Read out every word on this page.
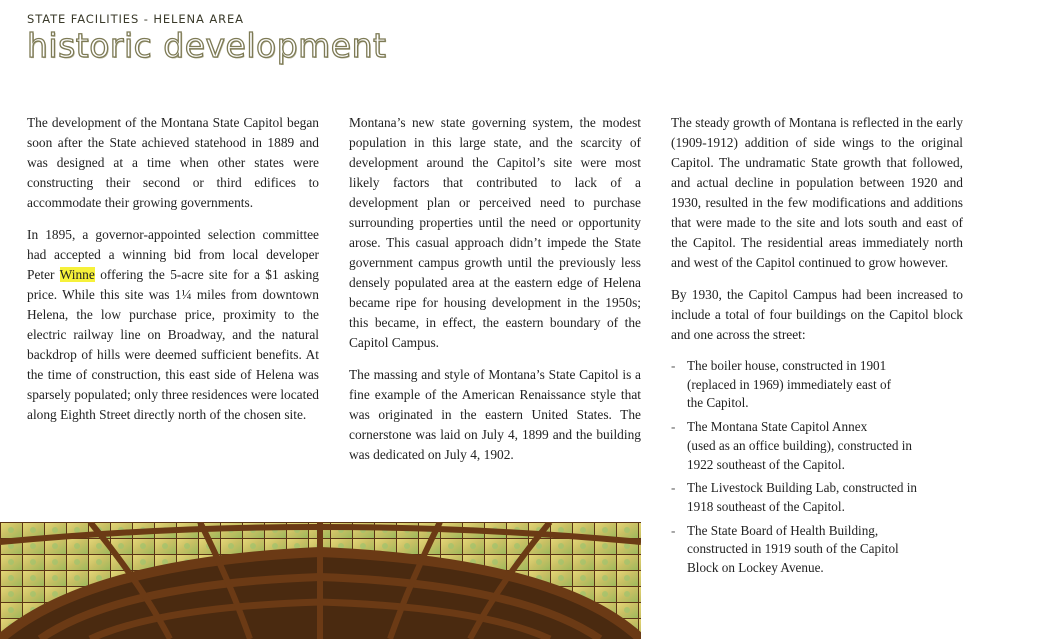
STATE FACILITIES - HELENA AREA
historic development

The development of the Montana State Capitol began soon after the State achieved statehood in 1889 and was designed at a time when other states were constructing their second or third edifices to accommodate their growing governments.

In 1895, a governor-appointed selection committee had accepted a winning bid from local developer Peter Winne offering the 5-acre site for a $1 asking price. While this site was 1¼ miles from downtown Helena, the low purchase price, proximity to the electric railway line on Broadway, and the natural backdrop of hills were deemed sufficient benefits. At the time of construction, this east side of Helena was sparsely populated; only three residences were located along Eighth Street directly north of the chosen site.

Montana’s new state governing system, the modest population in this large state, and the scarcity of development around the Capitol’s site were most likely factors that contributed to lack of a development plan or perceived need to purchase surrounding properties until the need or opportunity arose. This casual approach didn’t impede the State government campus growth until the previously less densely populated area at the eastern edge of Helena became ripe for housing development in the 1950s; this became, in effect, the eastern boundary of the Capitol Campus.

The massing and style of Montana’s State Capitol is a fine example of the American Renaissance style that was originated in the eastern United States. The cornerstone was laid on July 4, 1899 and the building was dedicated on July 4, 1902.

The steady growth of Montana is reflected in the early (1909-1912) addition of side wings to the original Capitol. The undramatic State growth that followed, and actual decline in population between 1920 and 1930, resulted in the few modifications and additions that were made to the site and lots south and east of the Capitol. The residential areas immediately north and west of the Capitol continued to grow however.

By 1930, the Capitol Campus had been increased to include a total of four buildings on the Capitol block and one across the street:

- The boiler house, constructed in 1901
(replaced in 1969) immediately east of
the Capitol.
- The Montana State Capitol Annex
(used as an office building), constructed in
1922 southeast of the Capitol.
- The Livestock Building Lab, constructed in
1918 southeast of the Capitol.
- The State Board of Health Building,
constructed in 1919 south of the Capitol
Block on Lockey Avenue.
